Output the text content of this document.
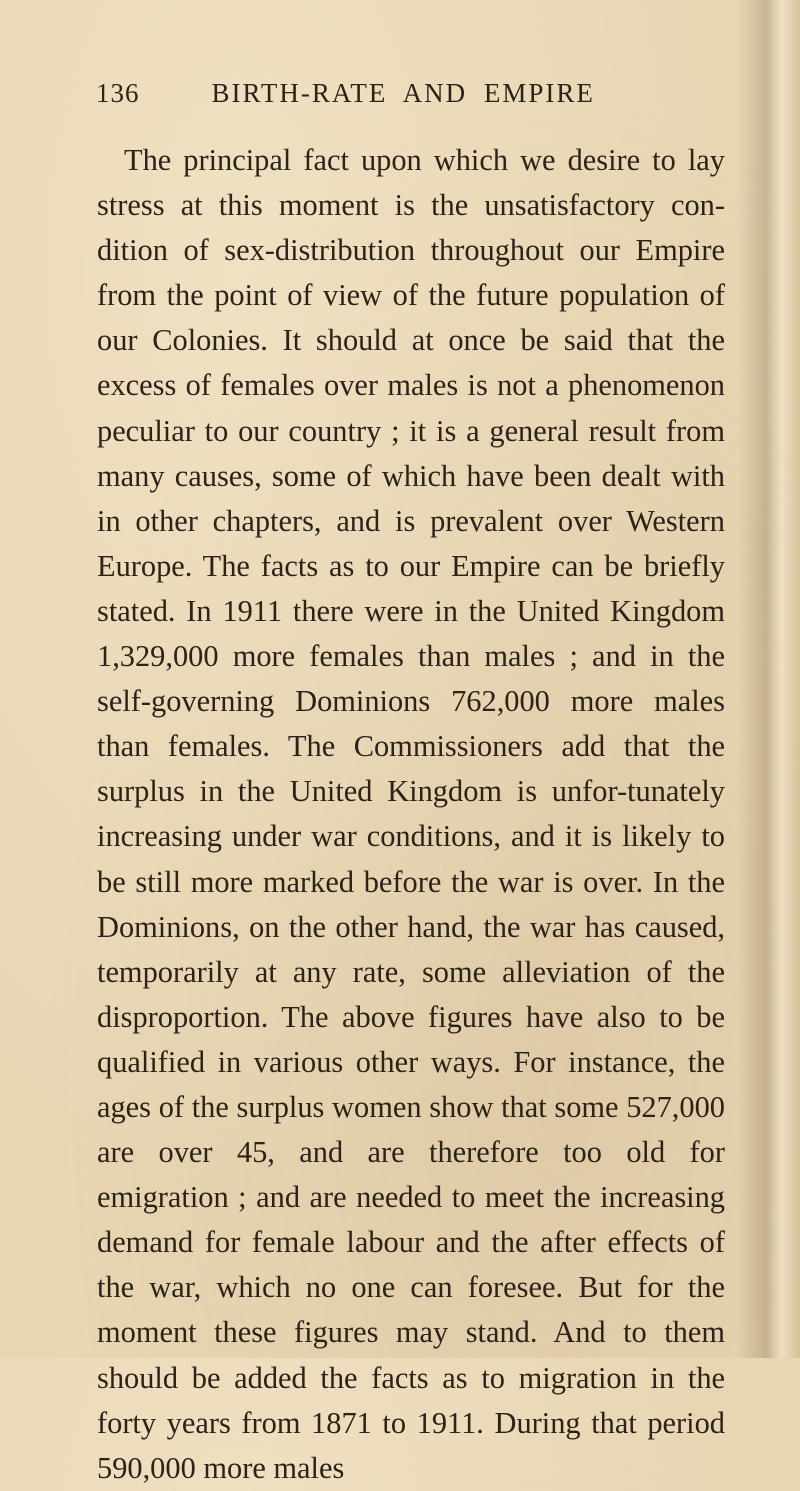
136	BIRTH-RATE AND EMPIRE

The principal fact upon which we desire to lay stress at this moment is the unsatisfactory con-dition of sex-distribution throughout our Empire from the point of view of the future population of our Colonies. It should at once be said that the excess of females over males is not a phenomenon peculiar to our country ; it is a general result from many causes, some of which have been dealt with in other chapters, and is prevalent over Western Europe. The facts as to our Empire can be briefly stated. In 1911 there were in the United Kingdom 1,329,000 more females than males ; and in the self-governing Dominions 762,000 more males than females. The Commissioners add that the surplus in the United Kingdom is unfor-tunately increasing under war conditions, and it is likely to be still more marked before the war is over. In the Dominions, on the other hand, the war has caused, temporarily at any rate, some alleviation of the disproportion. The above figures have also to be qualified in various other ways. For instance, the ages of the surplus women show that some 527,000 are over 45, and are therefore too old for emigration ; and are needed to meet the increasing demand for female labour and the after effects of the war, which no one can foresee. But for the moment these figures may stand. And to them should be added the facts as to migration in the forty years from 1871 to 1911. During that period 590,000 more males
